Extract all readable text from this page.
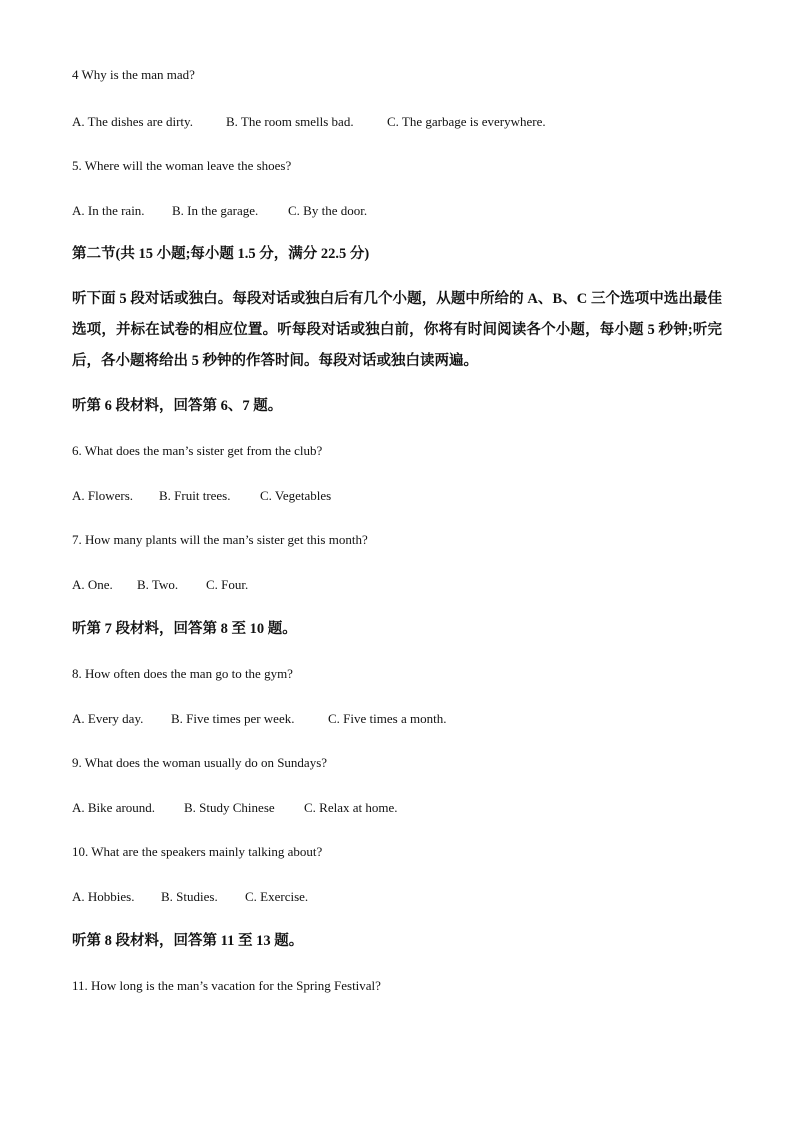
4 Why is the man mad?
A. The dishes are dirty.	B. The room smells bad.	C. The garbage is everywhere.
5. Where will the woman leave the shoes?
A. In the rain. B. In the garage. C. By the door.
第二节(共 15 小题;每小题 1.5 分，满分 22.5 分)
听下面 5 段对话或独白。每段对话或独白后有几个小题，从题中所给的 A、B、C 三个选项中选出最佳选项，并标在试卷的相应位置。听每段对话或独白前，你将有时间阅读各个小题，每小题 5 秒钟;听完后，各小题将给出 5 秒钟的作答时间。每段对话或独白读两遍。
听第 6 段材料，回答第 6、7 题。
6. What does the man’s sister get from the club?
A. Flowers. B. Fruit trees. C. Vegetables
7. How many plants will the man’s sister get this month?
A. One. B. Two. C. Four.
听第 7 段材料，回答第 8 至 10 题。
8. How often does the man go to the gym?
A. Every day. B. Five times per week.	C. Five times a month.
9. What does the woman usually do on Sundays?
A. Bike around. B. Study Chinese C. Relax at home.
10. What are the speakers mainly talking about?
A. Hobbies. B. Studies. C. Exercise.
听第 8 段材料，回答第 11 至 13 题。
11. How long is the man’s vacation for the Spring Festival?
